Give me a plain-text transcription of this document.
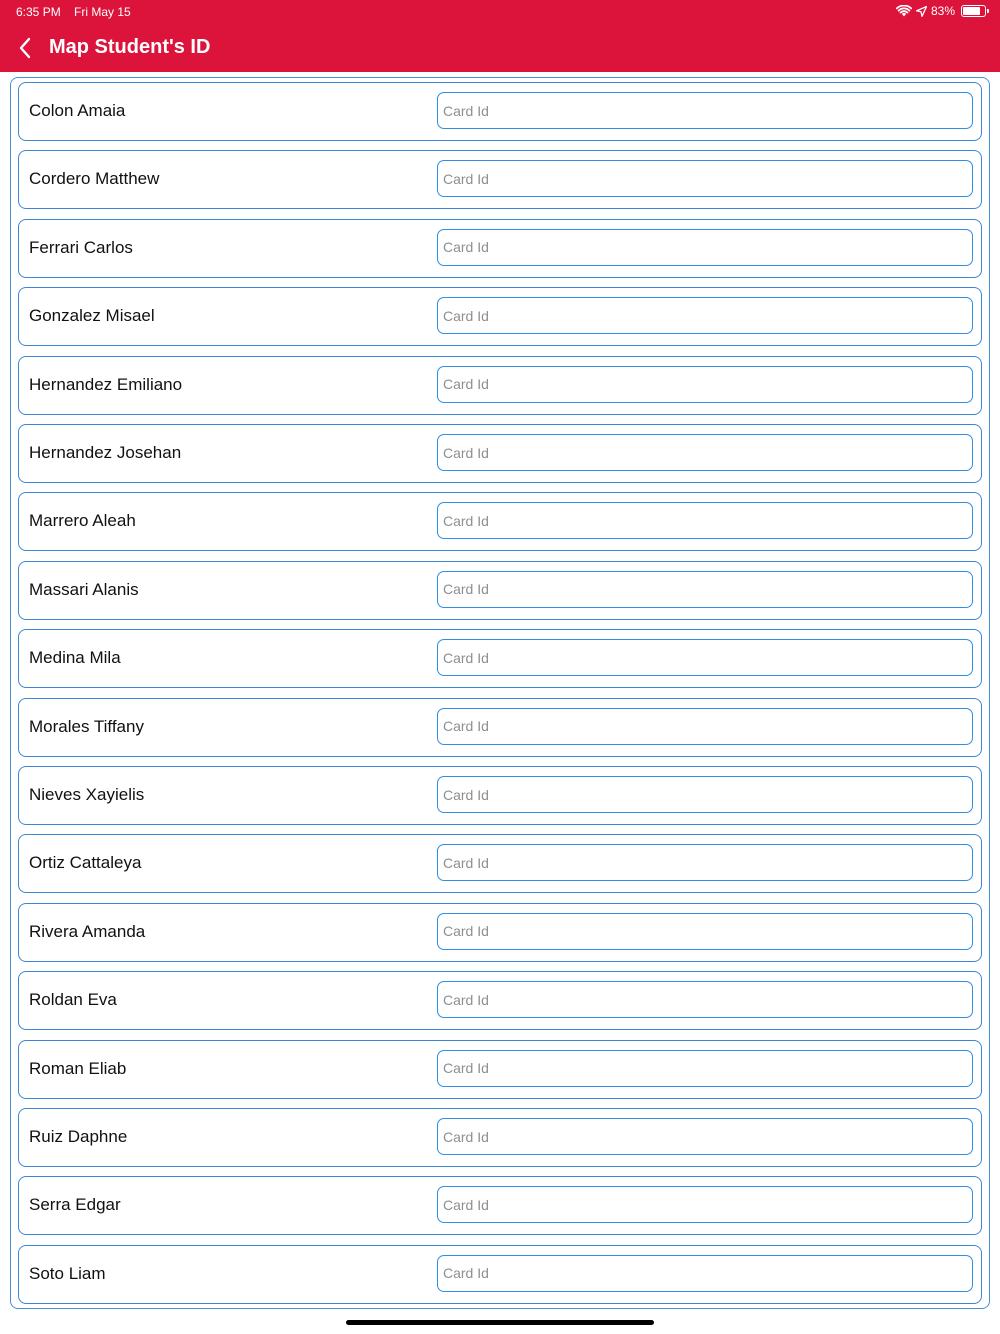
6:35 PM Fri May 15	83%
Map Student's ID
Colon Amaia
Card Id
Cordero Matthew
Card Id
Ferrari Carlos
Card Id
Gonzalez Misael
Card Id
Hernandez Emiliano
Card Id
Hernandez Josehan
Card Id
Marrero Aleah
Card Id
Massari Alanis
Card Id
Medina Mila
Card Id
Morales Tiffany
Card Id
Nieves Xayielis
Card Id
Ortiz Cattaleya
Card Id
Rivera Amanda
Card Id
Roldan Eva
Card Id
Roman Eliab
Card Id
Ruiz Daphne
Card Id
Serra Edgar
Card Id
Soto Liam
Card Id
